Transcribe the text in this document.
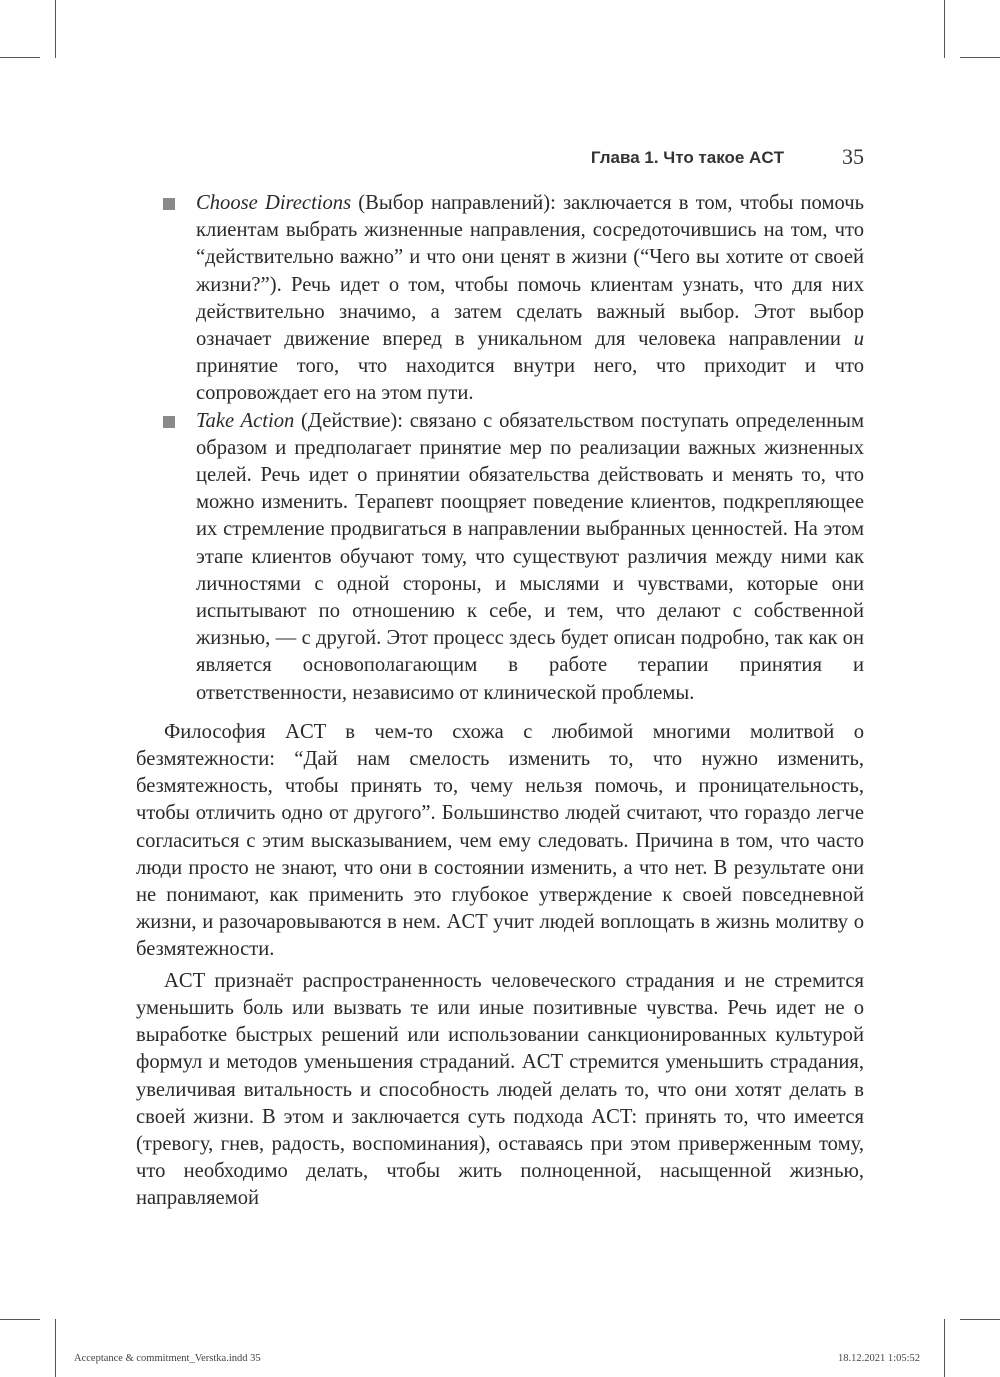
Глава 1. Что такое ACT	35
Choose Directions (Выбор направлений): заключается в том, чтобы помочь клиентам выбрать жизненные направления, сосредоточившись на том, что “действительно важно” и что они ценят в жизни (“Чего вы хотите от своей жизни?”). Речь идет о том, чтобы помочь клиентам узнать, что для них действительно значимо, а затем сделать важный выбор. Этот выбор означает движение вперед в уникальном для человека направлении и принятие того, что находится внутри него, что приходит и что сопровождает его на этом пути.
Take Action (Действие): связано с обязательством поступать определенным образом и предполагает принятие мер по реализации важных жизненных целей. Речь идет о принятии обязательства действовать и менять то, что можно изменить. Терапевт поощряет поведение клиентов, подкрепляющее их стремление продвигаться в направлении выбранных ценностей. На этом этапе клиентов обучают тому, что существуют различия между ними как личностями с одной стороны, и мыслями и чувствами, которые они испытывают по отношению к себе, и тем, что делают с собственной жизнью, — с другой. Этот процесс здесь будет описан подробно, так как он является основополагающим в работе терапии принятия и ответственности, независимо от клинической проблемы.

Философия ACT в чем-то схожа с любимой многими молитвой о безмятежности: “Дай нам смелость изменить то, что нужно изменить, безмятежность, чтобы принять то, чему нельзя помочь, и проницательность, чтобы отличить одно от другого”. Большинство людей считают, что гораздо легче согласиться с этим высказыванием, чем ему следовать. Причина в том, что часто люди просто не знают, что они в состоянии изменить, а что нет. В результате они не понимают, как применить это глубокое утверждение к своей повседневной жизни, и разочаровываются в нем. ACT учит людей воплощать в жизнь молитву о безмятежности.

ACT признаёт распространенность человеческого страдания и не стремится уменьшить боль или вызвать те или иные позитивные чувства. Речь идет не о выработке быстрых решений или использовании санкционированных культурой формул и методов уменьшения страданий. ACT стремится уменьшить страдания, увеличивая витальность и способность людей делать то, что они хотят делать в своей жизни. В этом и заключается суть подхода ACT: принять то, что имеется (тревогу, гнев, радость, воспоминания), оставаясь при этом приверженным тому, что необходимо делать, чтобы жить полноценной, насыщенной жизнью, направляемой

Acceptance & commitment_Verstka.indd 35	18.12.2021 1:05:52
